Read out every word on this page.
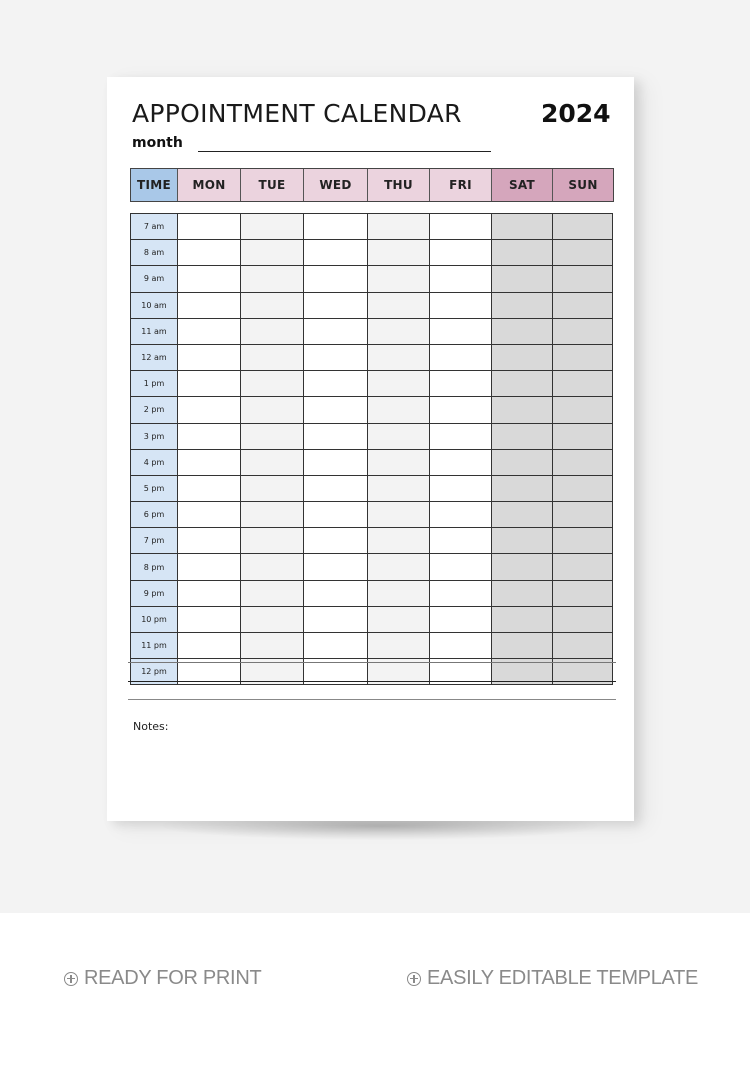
APPOINTMENT CALENDAR	2024
month
TIME	MON	TUE	WED	THU	FRI	SAT	SUN
7 am							
8 am							
9 am							
10 am							
11 am							
12 am							
1 pm							
2 pm							
3 pm							
4 pm							
5 pm							
6 pm							
7 pm							
8 pm							
9 pm							
10 pm							
11 pm							
12 pm							
Notes:
READY FOR PRINT	EASILY EDITABLE TEMPLATE
